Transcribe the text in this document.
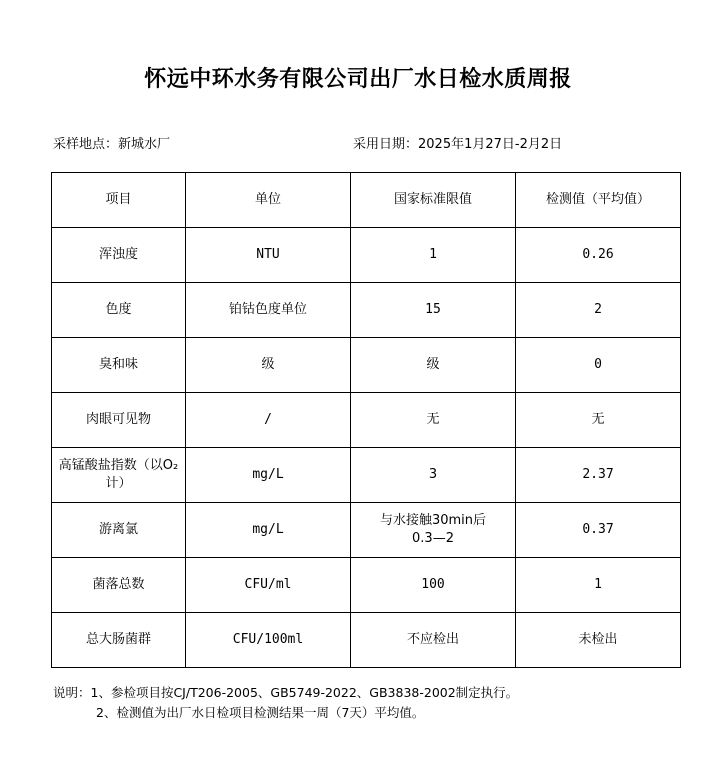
怀远中环水务有限公司出厂水日检水质周报
采样地点：新城水厂	采用日期：2025年1月27日-2月2日
项目	单位	国家标准限值	检测值（平均值）
浑浊度	NTU	1	0.26
色度	铂钴色度单位	15	2
臭和味	级	级	0
肉眼可见物	/	无	无
高锰酸盐指数（以O₂计）	mg/L	3	2.37
游离氯	mg/L	与水接触30min后0.3—2	0.37
菌落总数	CFU/ml	100	1
总大肠菌群	CFU/100ml	不应检出	未检出
说明：1、参检项目按CJ/T206-2005、GB5749-2022、GB3838-2002制定执行。
2、检测值为出厂水日检项目检测结果一周（7天）平均值。
